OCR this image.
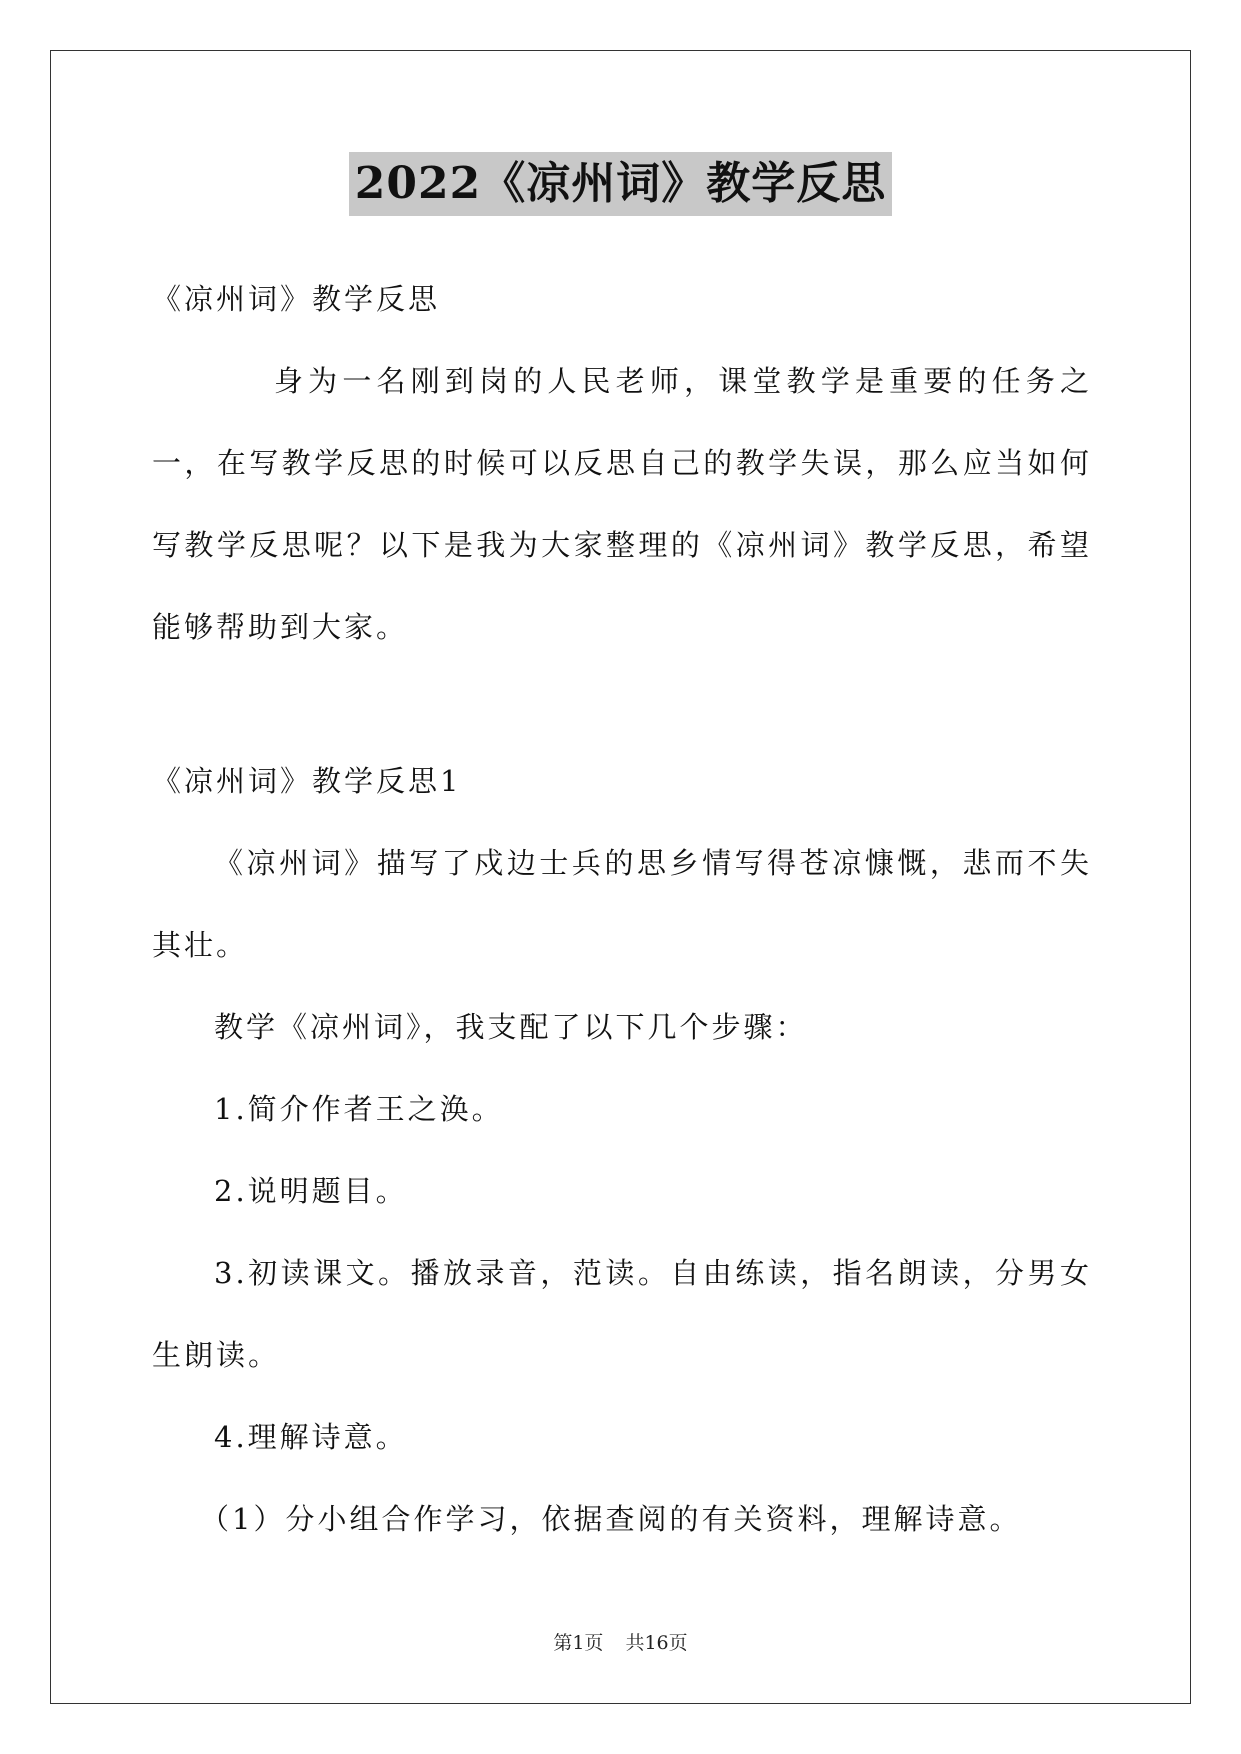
2022《凉州词》教学反思

《凉州词》教学反思

身为一名刚到岗的人民老师，课堂教学是重要的任务之一，在写教学反思的时候可以反思自己的教学失误，那么应当如何写教学反思呢？以下是我为大家整理的《凉州词》教学反思，希望能够帮助到大家。

《凉州词》教学反思1

《凉州词》描写了戍边士兵的思乡情写得苍凉慷慨，悲而不失其壮。

教学《凉州词》，我支配了以下几个步骤：

1.简介作者王之涣。

2.说明题目。

3.初读课文。播放录音，范读。自由练读，指名朗读，分男女生朗读。

4.理解诗意。

（1）分小组合作学习，依据查阅的有关资料，理解诗意。

第1页 共16页
